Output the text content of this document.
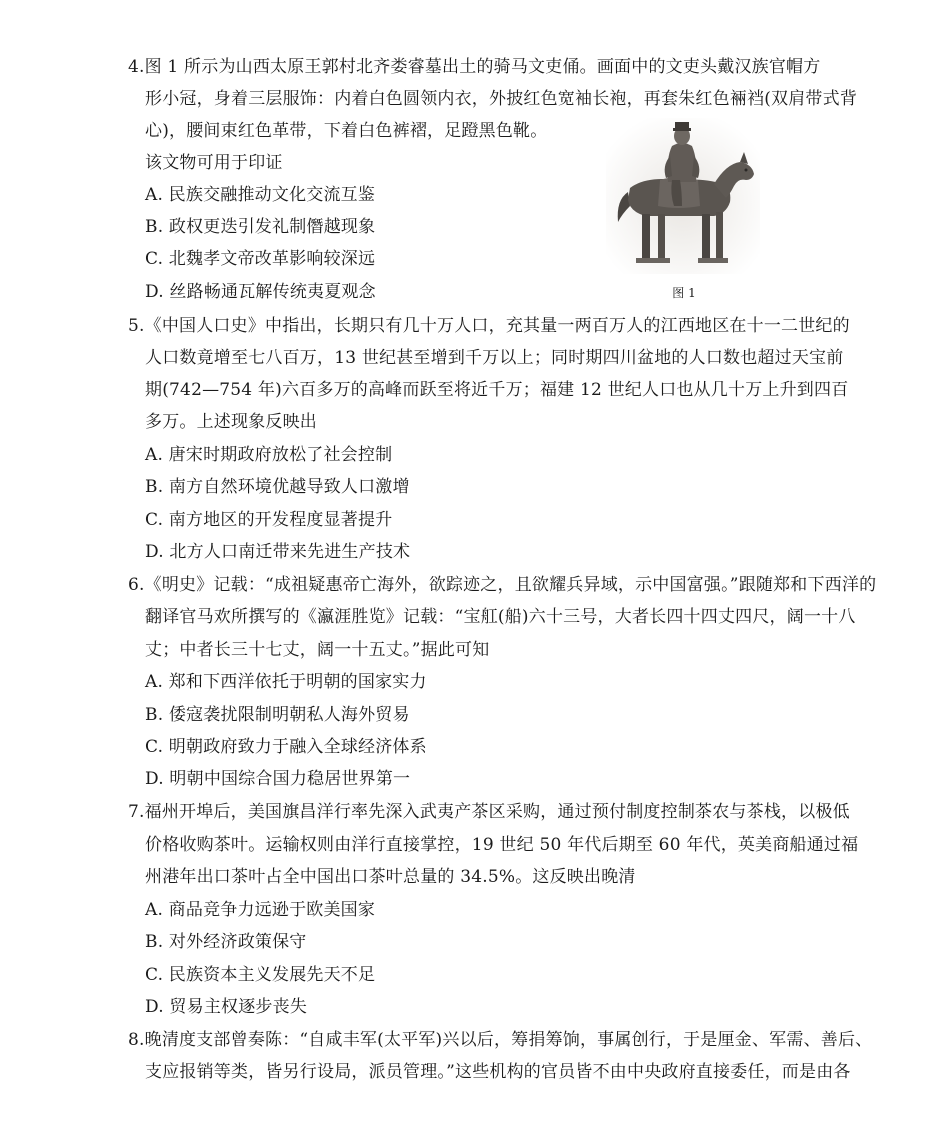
4.图 1 所示为山西太原王郭村北齐娄睿墓出土的骑马文吏俑。画面中的文吏头戴汉族官帽方
形小冠，身着三层服饰：内着白色圆领内衣，外披红色宽袖长袍，再套朱红色裲裆(双肩带式背
心)，腰间束红色革带，下着白色裤褶，足蹬黑色靴。
该文物可用于印证
A. 民族交融推动文化交流互鉴
B. 政权更迭引发礼制僭越现象
C. 北魏孝文帝改革影响较深远
D. 丝路畅通瓦解传统夷夏观念	图 1
5.《中国人口史》中指出，长期只有几十万人口，充其量一两百万人的江西地区在十一二世纪的
人口数竟增至七八百万，13 世纪甚至增到千万以上；同时期四川盆地的人口数也超过天宝前
期(742—754 年)六百多万的高峰而跃至将近千万；福建 12 世纪人口也从几十万上升到四百
多万。上述现象反映出
A. 唐宋时期政府放松了社会控制
B. 南方自然环境优越导致人口激增
C. 南方地区的开发程度显著提升
D. 北方人口南迁带来先进生产技术
6.《明史》记载：“成祖疑惠帝亡海外，欲踪迹之，且欲耀兵异域，示中国富强。”跟随郑和下西洋的
翻译官马欢所撰写的《瀛涯胜览》记载：“宝舡(船)六十三号，大者长四十四丈四尺，阔一十八
丈；中者长三十七丈，阔一十五丈。”据此可知
A. 郑和下西洋依托于明朝的国家实力
B. 倭寇袭扰限制明朝私人海外贸易
C. 明朝政府致力于融入全球经济体系
D. 明朝中国综合国力稳居世界第一
7.福州开埠后，美国旗昌洋行率先深入武夷产茶区采购，通过预付制度控制茶农与茶栈，以极低
价格收购茶叶。运输权则由洋行直接掌控，19 世纪 50 年代后期至 60 年代，英美商船通过福
州港年出口茶叶占全中国出口茶叶总量的 34.5%。这反映出晚清
A. 商品竞争力远逊于欧美国家
B. 对外经济政策保守
C. 民族资本主义发展先天不足
D. 贸易主权逐步丧失
8.晚清度支部曾奏陈：“自咸丰军(太平军)兴以后，筹捐筹饷，事属创行，于是厘金、军需、善后、
支应报销等类，皆另行设局，派员管理。”这些机构的官员皆不由中央政府直接委任，而是由各
